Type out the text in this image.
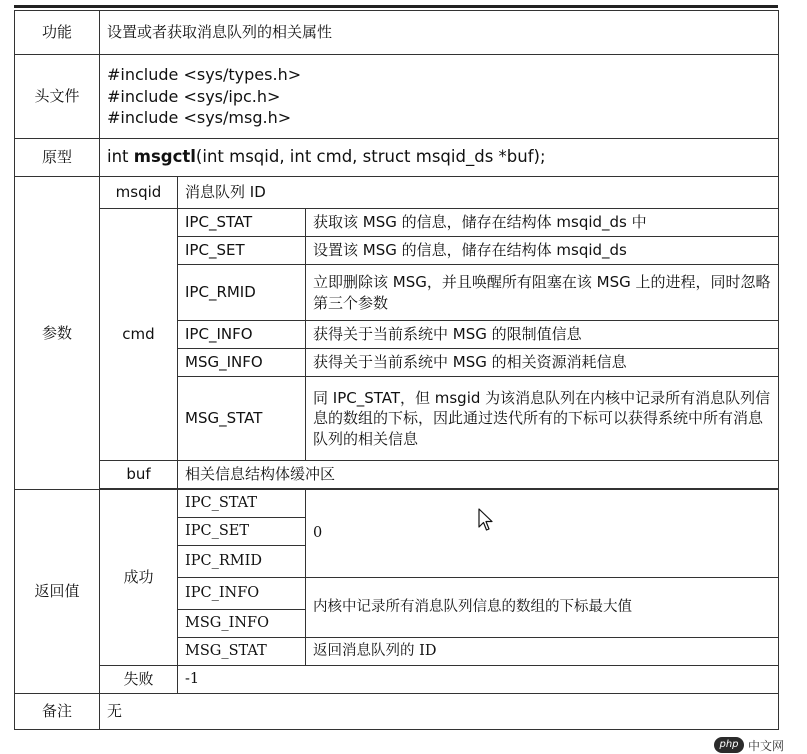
功能	设置或者获取消息队列的相关属性		
头文件	#include <sys/types.h>
#include <sys/ipc.h>
#include <sys/msg.h>		

原型	int msgctl(int msqid, int cmd, struct msqid_ds *buf);		
参数	msqid	消息队列 ID	
	cmd	IPC_STAT	获取该 MSG 的信息，储存在结构体 msqid_ds 中
		IPC_SET	设置该 MSG 的信息，储存在结构体 msqid_ds
		IPC_RMID	立即删除该 MSG，并且唤醒所有阻塞在该 MSG 上的进程，同时忽略第三个参数
		IPC_INFO	获得关于当前系统中 MSG 的限制值信息
		MSG_INFO	获得关于当前系统中 MSG 的相关资源消耗信息
		MSG_STAT	同 IPC_STAT，但 msgid 为该消息队列在内核中记录所有消息队列信息的数组的下标，因此通过迭代所有的下标可以获得系统中所有消息队列的相关信息
	buf	相关信息结构体缓冲区	

返回值	成功	IPC_STAT	0
		IPC_SET	
		IPC_RMID	
		IPC_INFO	内核中记录所有消息队列信息的数组的下标最大值
		MSG_INFO	
		MSG_STAT	返回消息队列的 ID
	失败	-1	
备注	无		
php 中文网
